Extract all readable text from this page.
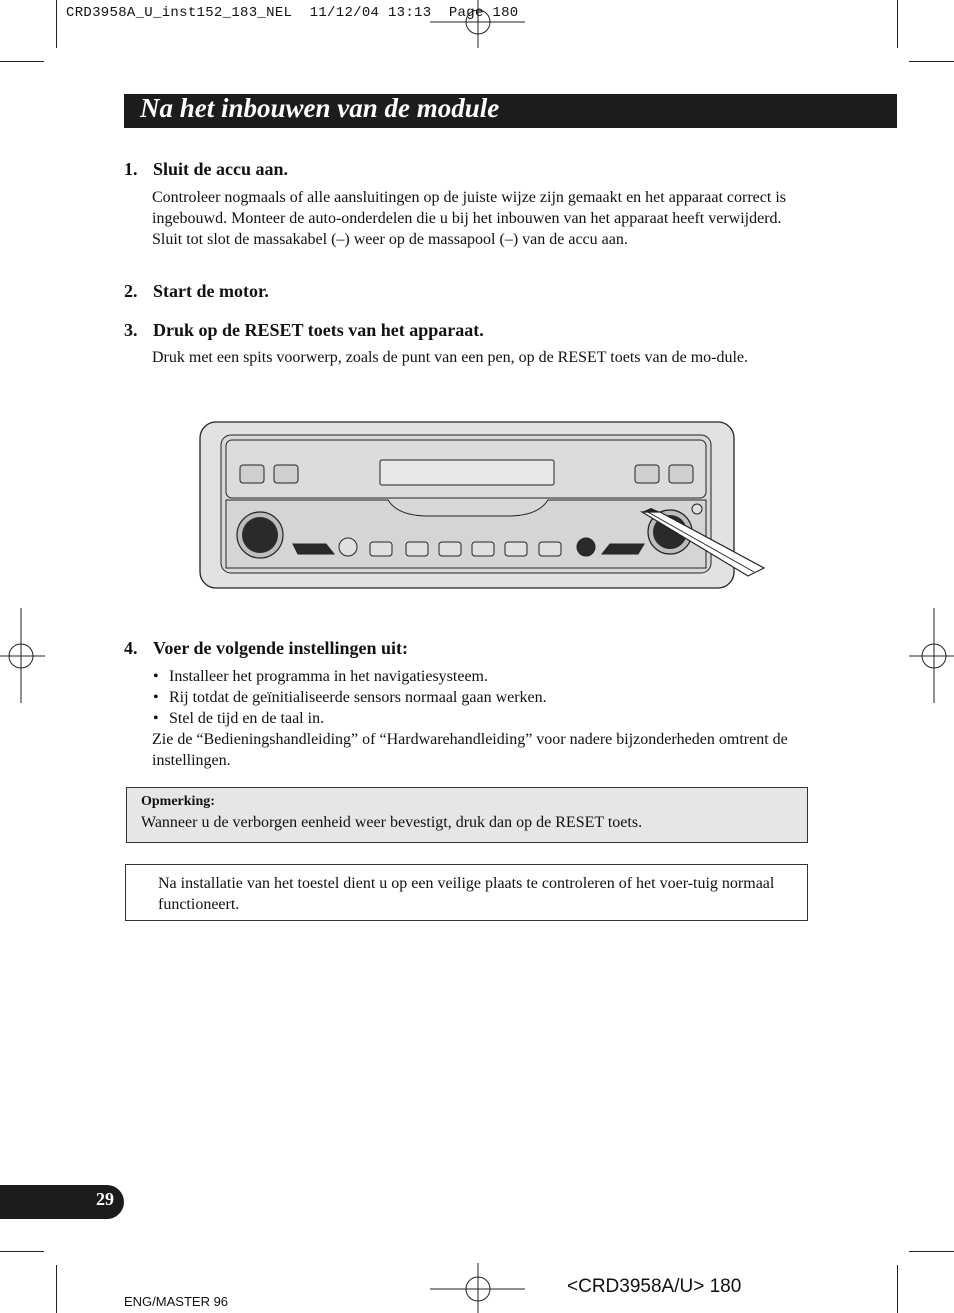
CRD3958A_U_inst152_183_NEL  11/12/04 13:13  Page 180
Na het inbouwen van de module
1. Sluit de accu aan.
Controleer nogmaals of alle aansluitingen op de juiste wijze zijn gemaakt en het apparaat correct is ingebouwd. Monteer de auto-onderdelen die u bij het inbouwen van het apparaat heeft verwijderd. Sluit tot slot de massakabel (–) weer op de massapool (–) van de accu aan.
2. Start de motor.
3. Druk op de RESET toets van het apparaat.
Druk met een spits voorwerp, zoals de punt van een pen, op de RESET toets van de mo-dule.
4. Voer de volgende instellingen uit:
• Installeer het programma in het navigatiesysteem.
• Rij totdat de geïnitialiseerde sensors normaal gaan werken.
• Stel de tijd en de taal in.
Zie de “Bedieningshandleiding” of “Hardwarehandleiding” voor nadere bijzonderheden omtrent de instellingen.
Opmerking:
Wanneer u de verborgen eenheid weer bevestigt, druk dan op de RESET toets.
Na installatie van het toestel dient u op een veilige plaats te controleren of het voer-tuig normaal functioneert.
29
ENG/MASTER 96
<CRD3958A/U> 180
